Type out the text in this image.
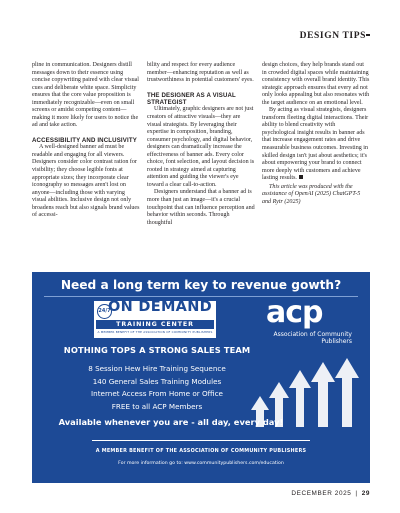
DESIGN TIPS

pline in communication. Designers distill messages down to their essence using concise copywriting paired with clear visual cues and deliberate white space. Simplicity ensures that the core value proposition is immediately recognizable—even on small screens or amidst competing content—making it more likely for users to notice the ad and take action.

ACCESSIBILITY AND INCLUSIVITY

A well-designed banner ad must be readable and engaging for all viewers. Designers consider color contrast ration for visibility; they choose legible fonts at appropriate sizes; they incorporate clear iconography so messages aren't lost on anyone—including those with varying visual abilities. Inclusive design not only broadens reach but also signals brand values of accessi-

bility and respect for every audience member—enhancing reputation as well as trustworthiness in potential customers' eyes.

THE DESIGNER AS A VISUAL STRATEGIST

Ultimately, graphic designers are not just creators of attractive visuals—they are visual strategists. By leveraging their expertise in composition, branding, consumer psychology, and digital behavior, designers can dramatically increase the effectiveness of banner ads. Every color choice, font selection, and layout decision is rooted in strategy aimed at capturing attention and guiding the viewer's eye toward a clear call-to-action.

Designers understand that a banner ad is more than just an image—it's a crucial touchpoint that can influence perception and behavior within seconds. Through thoughtful

design choices, they help brands stand out in crowded digital spaces while maintaining consistency with overall brand identity. This strategic approach ensures that every ad not only looks appealing but also resonates with the target audience on an emotional level.

By acting as visual strategists, designers transform fleeting digital interactions. Their ability to blend creativity with psychological insight results in banner ads that increase engagement rates and drive measurable business outcomes. Investing in skilled design isn't just about aesthetics; it's about empowering your brand to connect more deeply with customers and achieve lasting results.

This article was produced with the assistance of OpenAI (2025) ChatGPT-5 and Rytr (2025)

Need a long term key to revenue gowth?
24/7
ON DEMAND
TRAINING CENTER
A MEMBER BENEFIT OF THE ASSOCIATION OF COMMUNITY PUBLISHERS
NOTHING TOPS A STRONG SALES TEAM
8 Session Hew Hire Training Sequence
140 General Sales Training Modules
Internet Access From Home or Office
FREE to all ACP Members
acp
Association of Community Publishers
Available whenever you are - all day, every day!
A MEMBER BENEFIT OF THE ASSOCIATION OF COMMUNITY PUBLISHERS
For more information go to: www.communitypublishers.com/education
DECEMBER 2025 | 29
